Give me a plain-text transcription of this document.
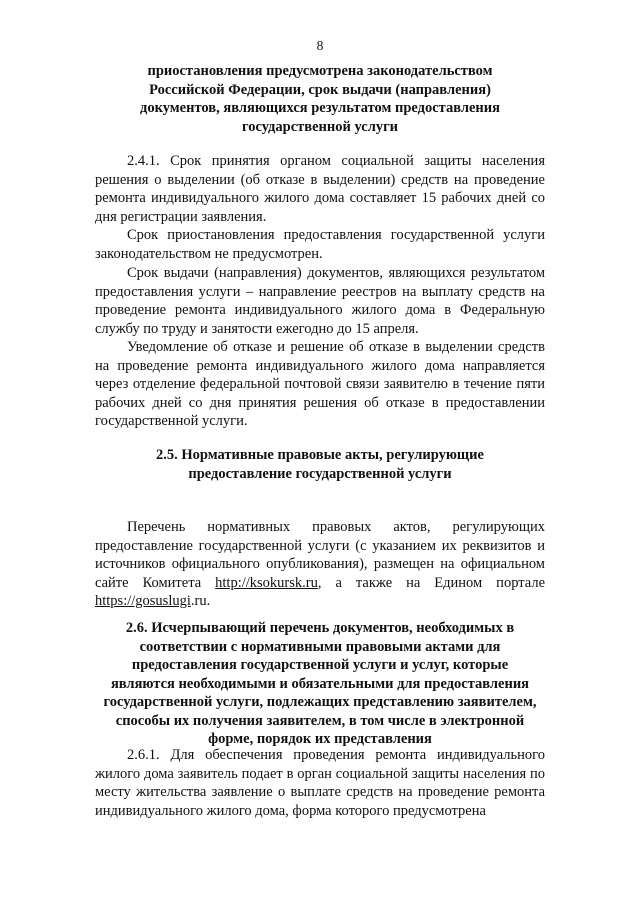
8
приостановления предусмотрена законодательством Российской Федерации, срок выдачи (направления) документов, являющихся результатом предоставления государственной услуги

2.4.1. Срок принятия органом социальной защиты населения решения о выделении (об отказе в выделении) средств на проведение ремонта индивидуального жилого дома составляет 15 рабочих дней со дня регистрации заявления.

Срок приостановления предоставления государственной услуги законодательством не предусмотрен.

Срок выдачи (направления) документов, являющихся результатом предоставления услуги – направление реестров на выплату средств на проведение ремонта индивидуального жилого дома в Федеральную службу по труду и занятости ежегодно до 15 апреля.

Уведомление об отказе и решение об отказе в выделении средств на проведение ремонта индивидуального жилого дома направляется через отделение федеральной почтовой связи заявителю в течение пяти рабочих дней со дня принятия решения об отказе в предоставлении государственной услуги.

2.5. Нормативные правовые акты, регулирующие предоставление государственной услуги

Перечень нормативных правовых актов, регулирующих предоставление государственной услуги (с указанием их реквизитов и источников официального опубликования), размещен на официальном сайте Комитета http://ksokursk.ru, а также на Едином портале https://gosuslugi.ru.

2.6. Исчерпывающий перечень документов, необходимых в соответствии с нормативными правовыми актами для предоставления государственной услуги и услуг, которые являются необходимыми и обязательными для предоставления государственной услуги, подлежащих представлению заявителем, способы их получения заявителем, в том числе в электронной форме, порядок их представления

2.6.1. Для обеспечения проведения ремонта индивидуального жилого дома заявитель подает в орган социальной защиты населения по месту жительства заявление о выплате средств на проведение ремонта индивидуального жилого дома, форма которого предусмотрена
